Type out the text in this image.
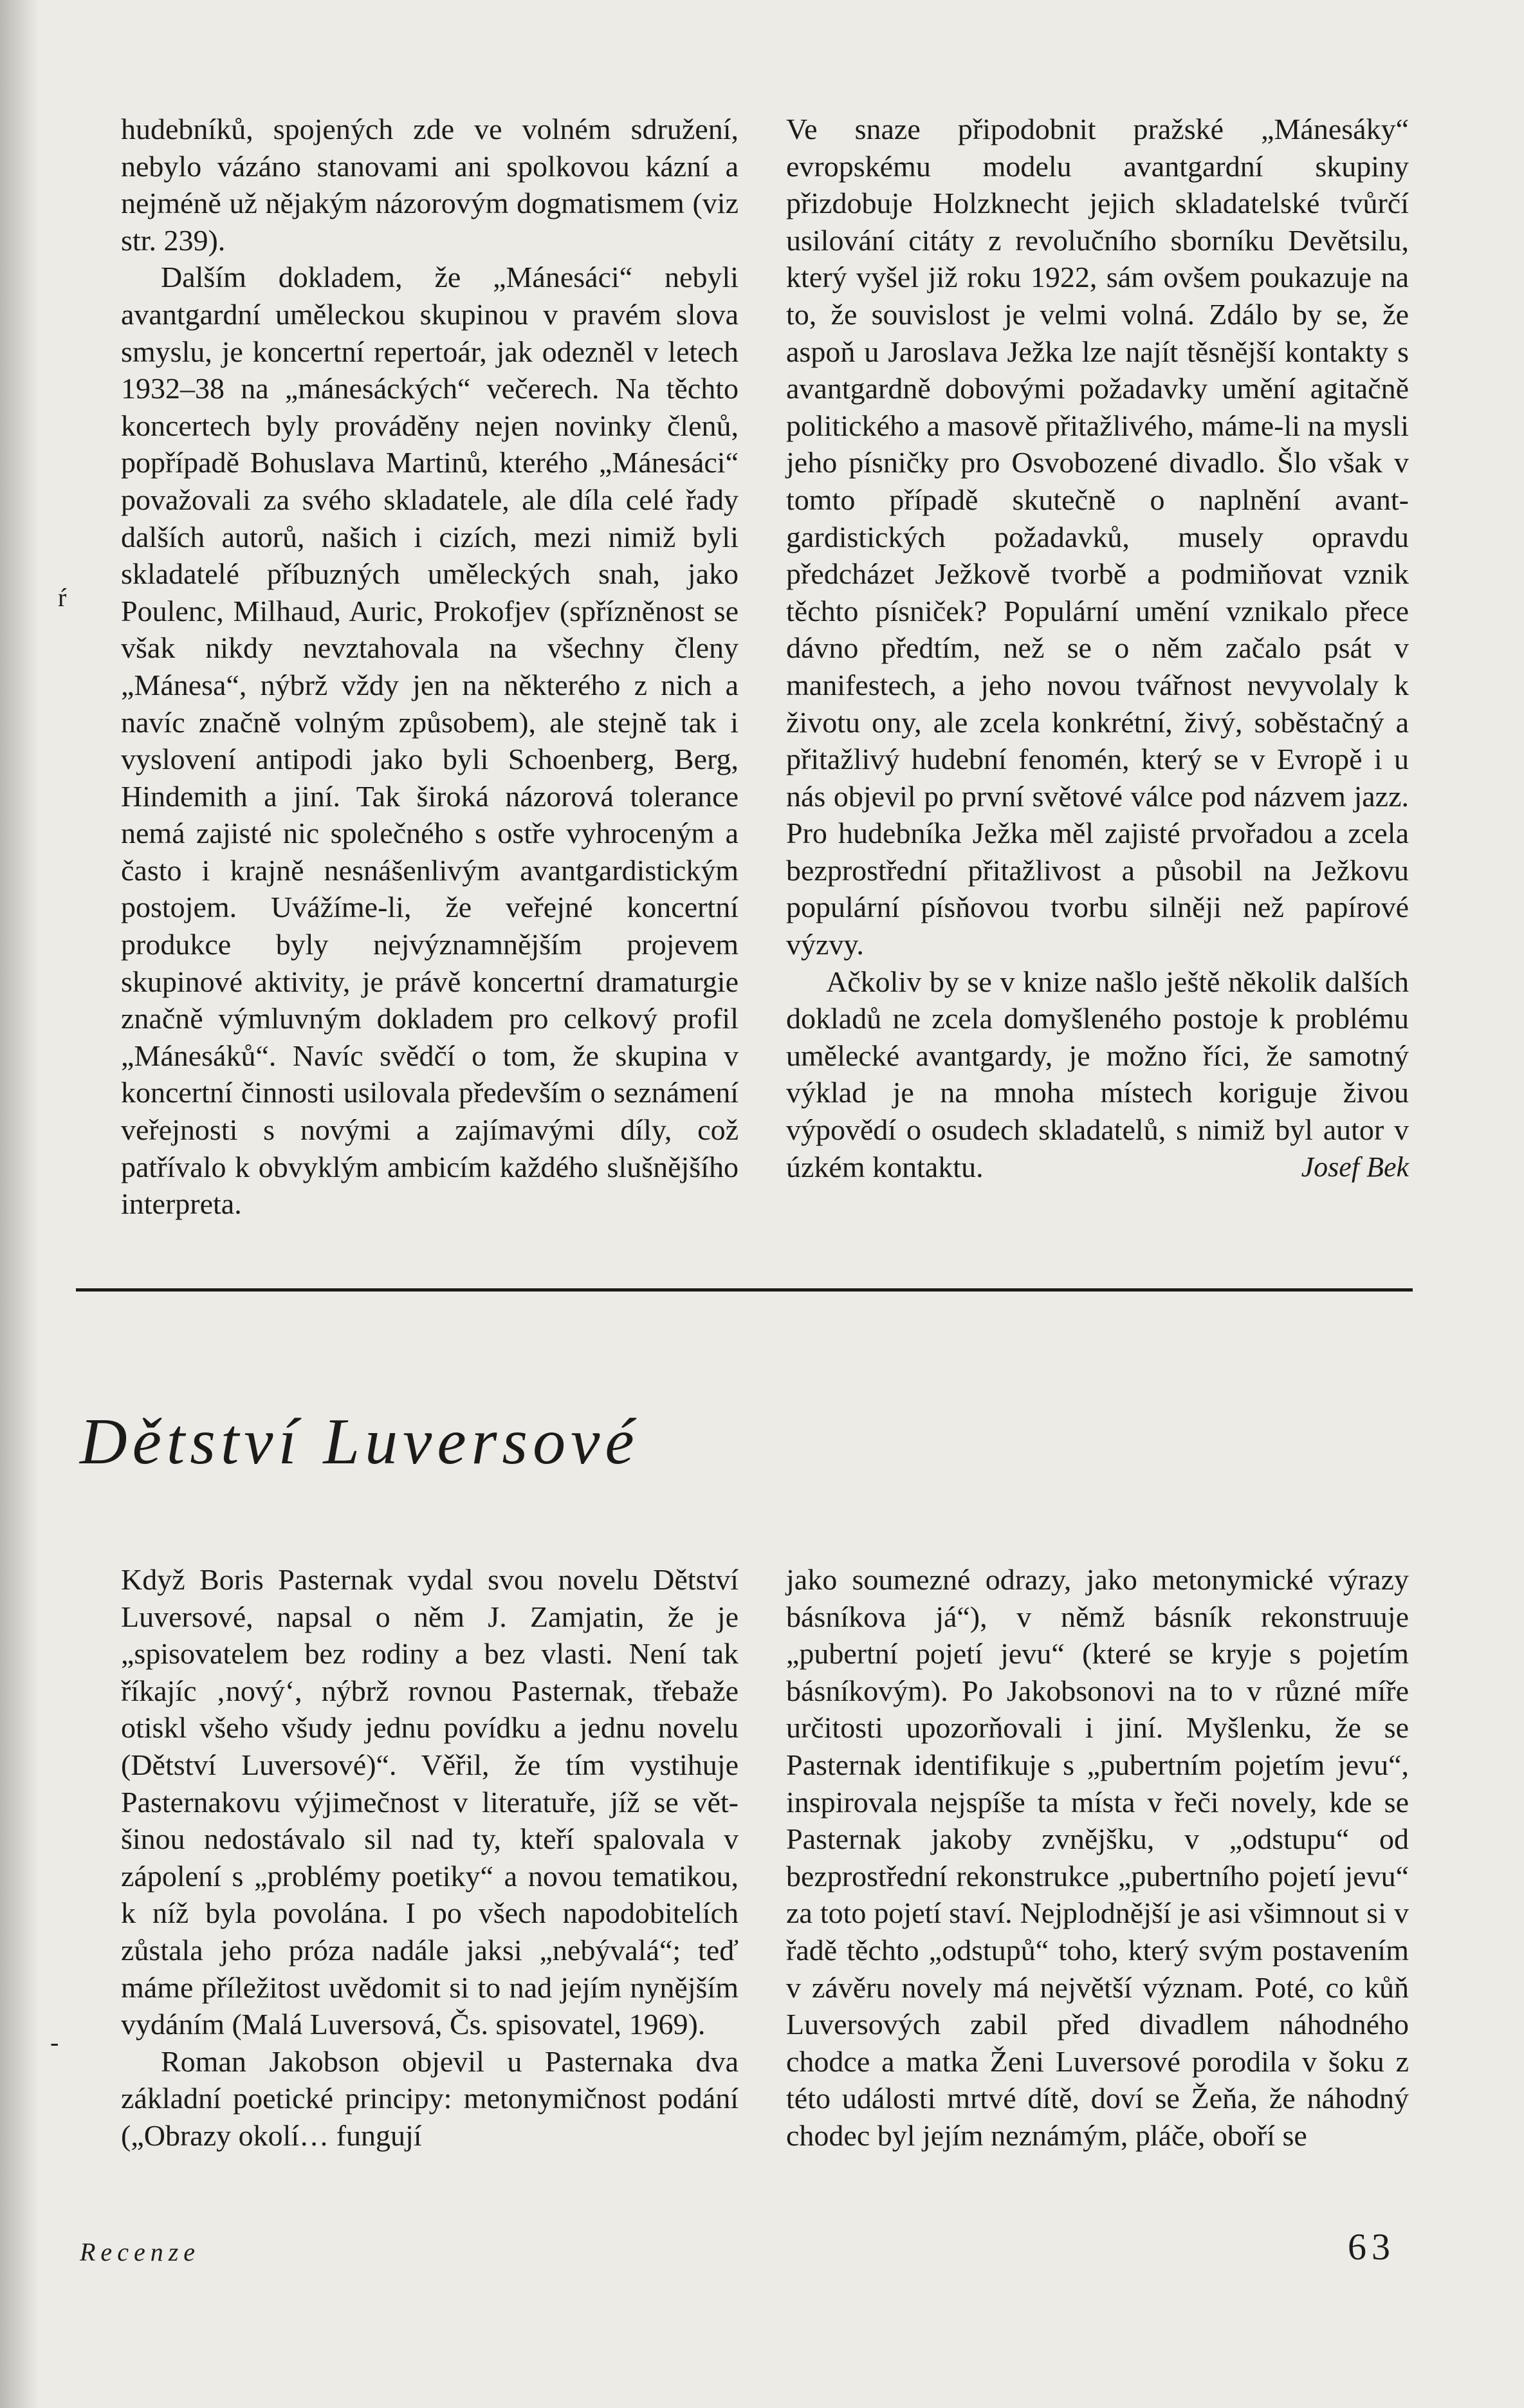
hudebníků, spojených zde ve volném sdružení, nebylo vázáno stanovami ani spolkovou kázní a nejméně už nějakým názorovým dogmatismem (viz str. 239).

Dalším dokladem, že „Mánesáci“ nebyli avantgardní uměleckou skupinou v pravém slova smyslu, je koncertní repertoár, jak odezněl v letech 1932–38 na „mánesáckých“ večerech. Na těchto koncertech byly prováděny nejen novinky členů, popřípadě Bohuslava Martinů, kterého „Mánesáci“ považovali za svého skladatele, ale díla celé řady dalších autorů, našich i cizích, mezi nimiž byli skladatelé příbuzných uměleckých snah, jako Poulenc, Milhaud, Auric, Prokofjev (spřízněnost se však nikdy nevztahovala na všechny členy „Mánesa“, nýbrž vždy jen na některého z nich a navíc značně volným způsobem), ale stejně tak i vyslovení antipodi jako byli Schoenberg, Berg, Hindemith a jiní. Tak široká názorová tolerance nemá zajisté nic společného s ostře vyhroceným a často i krajně nesnášenlivým avantgardistickým postojem. Uvážíme-li, že veřejné koncertní produkce byly nejvýznamnějším projevem skupinové aktivity, je právě koncertní dramaturgie značně výmluvným dokladem pro celkový profil „Mánesáků“. Navíc svědčí o tom, že skupina v koncertní činnosti usilovala především o seznámení veřejnosti s novými a zajímavými díly, což patřívalo k obvyklým ambicím každého slušnějšího interpreta.

ŕ

Ve snaze připodobnit pražské „Mánesáky“ evropskému modelu avantgardní skupiny přizdobuje Holzknecht jejich skladatelské tvůrčí usilování citáty z revolučního sborníku Devětsilu, který vyšel již roku 1922, sám ovšem poukazuje na to, že souvislost je velmi volná. Zdálo by se, že aspoň u Jaroslava Ježka lze najít těsnější kontakty s avantgardně dobovými požadavky umění agitačně politického a masově přitažlivého, máme-li na mysli jeho písničky pro Osvobozené divadlo. Šlo však v tomto případě skutečně o naplnění avantgardistických požadavků, musely opravdu předcházet Ježkově tvorbě a podmiňovat vznik těchto písniček? Populární umění vznikalo přece dávno předtím, než se o něm začalo psát v manifestech, a jeho novou tvářnost nevyvolaly k životu ony, ale zcela konkrétní, živý, soběstačný a přitažlivý hudební fenomén, který se v Evropě i u nás objevil po první světové válce pod názvem jazz. Pro hudebníka Ježka měl zajisté prvořadou a zcela bezprostřední přitažlivost a působil na Ježkovu populární písňovou tvorbu silněji než papírové výzvy.

Ačkoliv by se v knize našlo ještě několik dalších dokladů ne zcela domyšleného postoje k problému umělecké avantgardy, je možno říci, že samotný výklad je na mnoha místech koriguje živou výpovědí o osudech skladatelů, s nimiž byl autor v úzkém kontaktu.	Josef Bek

Dětství Luversové

Když Boris Pasternak vydal svou novelu Dětství Luversové, napsal o něm J. Zamjatin, že je „spisovatelem bez rodiny a bez vlasti. Není tak říkajíc ‚nový‘, nýbrž rovnou Pasternak, třebaže otiskl všeho všudy jednu povídku a jednu novelu (Dětství Luversové)“. Věřil, že tím vystihuje Pasternakovu výjimečnost v literatuře, jíž se většinou nedostávalo sil nad ty, kteří spalovala v zápolení s „problémy poetiky“ a novou tematikou, k níž byla povolána. I po všech napodobitelích zůstala jeho próza nadále jaksi „nebývalá“; teď máme příležitost uvědomit si to nad jejím nynějším vydáním (Malá Luversová, Čs. spisovatel, 1969).

Roman Jakobson objevil u Pasternaka dva základní poetické principy: metonymičnost podání („Obrazy okolí… fungují

-

jako soumezné odrazy, jako metonymické výrazy básníkova já“), v němž básník rekonstruuje „pubertní pojetí jevu“ (které se kryje s pojetím básníkovým). Po Jakobsonovi na to v různé míře určitosti upozorňovali i jiní. Myšlenku, že se Pasternak identifikuje s „pubertním pojetím jevu“, inspirovala nejspíše ta místa v řeči novely, kde se Pasternak jakoby zvnějšku, v „odstupu“ od bezprostřední rekonstrukce „pubertního pojetí jevu“ za toto pojetí staví. Nejplodnější je asi všimnout si v řadě těchto „odstupů“ toho, který svým postavením v závěru novely má největší význam. Poté, co kůň Luversových zabil před divadlem náhodného chodce a matka Ženi Luversové porodila v šoku z této události mrtvé dítě, doví se Žeňa, že náhodný chodec byl jejím neznámým, pláče, oboří se

Recenze	63
